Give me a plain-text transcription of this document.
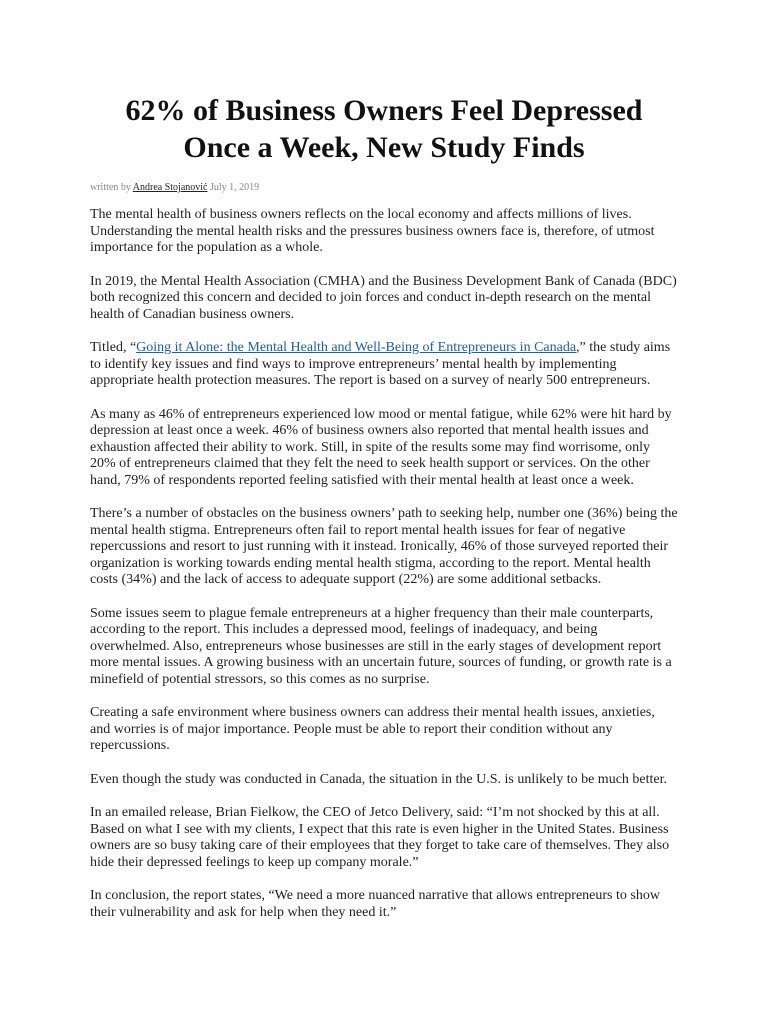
62% of Business Owners Feel Depressed Once a Week, New Study Finds
written by Andrea Stojanović July 1, 2019

The mental health of business owners reflects on the local economy and affects millions of lives. Understanding the mental health risks and the pressures business owners face is, therefore, of utmost importance for the population as a whole.

In 2019, the Mental Health Association (CMHA) and the Business Development Bank of Canada (BDC) both recognized this concern and decided to join forces and conduct in-depth research on the mental health of Canadian business owners.

Titled, “Going it Alone: the Mental Health and Well-Being of Entrepreneurs in Canada,” the study aims to identify key issues and find ways to improve entrepreneurs’ mental health by implementing appropriate health protection measures. The report is based on a survey of nearly 500 entrepreneurs.

As many as 46% of entrepreneurs experienced low mood or mental fatigue, while 62% were hit hard by depression at least once a week. 46% of business owners also reported that mental health issues and exhaustion affected their ability to work. Still, in spite of the results some may find worrisome, only 20% of entrepreneurs claimed that they felt the need to seek health support or services. On the other hand, 79% of respondents reported feeling satisfied with their mental health at least once a week.

There’s a number of obstacles on the business owners’ path to seeking help, number one (36%) being the mental health stigma. Entrepreneurs often fail to report mental health issues for fear of negative repercussions and resort to just running with it instead. Ironically, 46% of those surveyed reported their organization is working towards ending mental health stigma, according to the report. Mental health costs (34%) and the lack of access to adequate support (22%) are some additional setbacks.

Some issues seem to plague female entrepreneurs at a higher frequency than their male counterparts, according to the report. This includes a depressed mood, feelings of inadequacy, and being overwhelmed. Also, entrepreneurs whose businesses are still in the early stages of development report more mental issues. A growing business with an uncertain future, sources of funding, or growth rate is a minefield of potential stressors, so this comes as no surprise.

Creating a safe environment where business owners can address their mental health issues, anxieties, and worries is of major importance. People must be able to report their condition without any repercussions.

Even though the study was conducted in Canada, the situation in the U.S. is unlikely to be much better.

In an emailed release, Brian Fielkow, the CEO of Jetco Delivery, said: “I’m not shocked by this at all. Based on what I see with my clients, I expect that this rate is even higher in the United States. Business owners are so busy taking care of their employees that they forget to take care of themselves. They also hide their depressed feelings to keep up company morale.”

In conclusion, the report states, “We need a more nuanced narrative that allows entrepreneurs to show their vulnerability and ask for help when they need it.”
